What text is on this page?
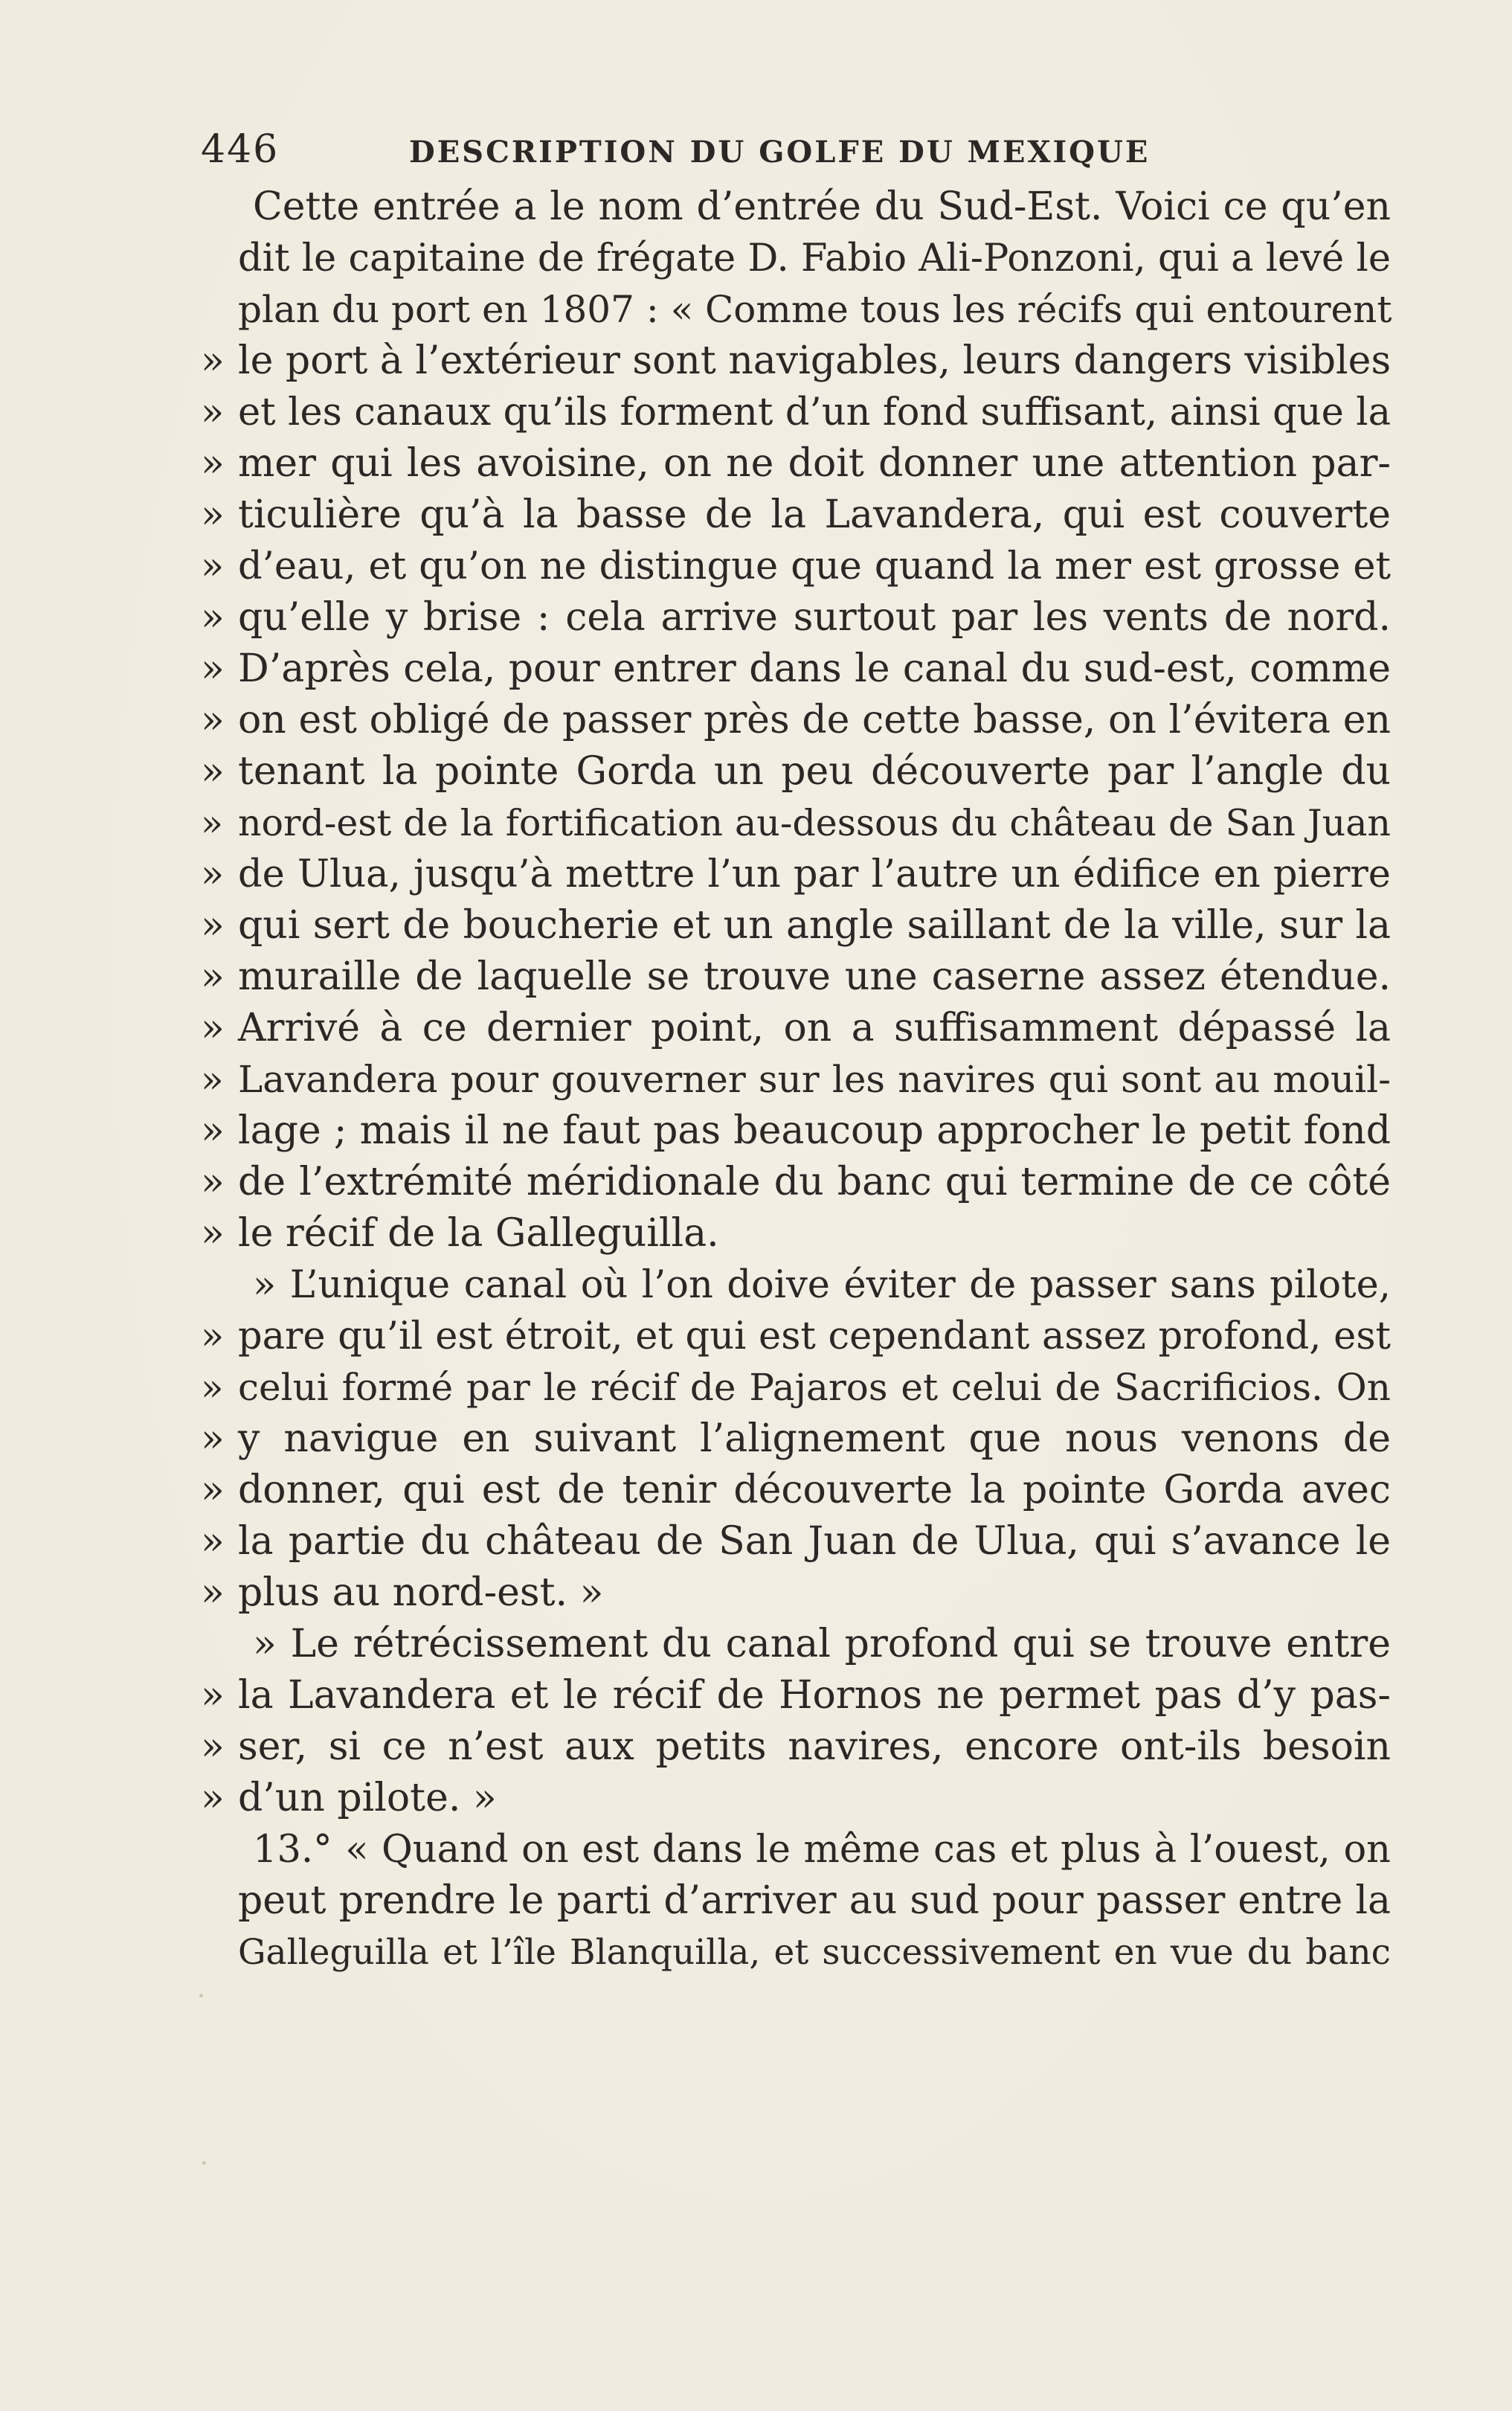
446	DESCRIPTION DU GOLFE DU MEXIQUE
Cette entrée a le nom d’entrée du Sud-Est. Voici ce qu’en
dit le capitaine de frégate D. Fabio Ali-Ponzoni, qui a levé le
plan du port en 1807 : « Comme tous les récifs qui entourent
» le port à l’extérieur sont navigables, leurs dangers visibles
» et les canaux qu’ils forment d’un fond suffisant, ainsi que la
» mer qui les avoisine, on ne doit donner une attention par-
» ticulière qu’à la basse de la Lavandera, qui est couverte
» d’eau, et qu’on ne distingue que quand la mer est grosse et
» qu’elle y brise : cela arrive surtout par les vents de nord.
» D’après cela, pour entrer dans le canal du sud-est, comme
» on est obligé de passer près de cette basse, on l’évitera en
» tenant la pointe Gorda un peu découverte par l’angle du
» nord-est de la fortification au-dessous du château de San Juan
» de Ulua, jusqu’à mettre l’un par l’autre un édifice en pierre
» qui sert de boucherie et un angle saillant de la ville, sur la
» muraille de laquelle se trouve une caserne assez étendue.
» Arrivé à ce dernier point, on a suffisamment dépassé la
» Lavandera pour gouverner sur les navires qui sont au mouil-
» lage ; mais il ne faut pas beaucoup approcher le petit fond
» de l’extrémité méridionale du banc qui termine de ce côté
» le récif de la Galleguilla.
» L’unique canal où l’on doive éviter de passer sans pilote,
» pare qu’il est étroit, et qui est cependant assez profond, est
» celui formé par le récif de Pajaros et celui de Sacrificios. On
» y navigue en suivant l’alignement que nous venons de
» donner, qui est de tenir découverte la pointe Gorda avec
» la partie du château de San Juan de Ulua, qui s’avance le
» plus au nord-est. »
» Le rétrécissement du canal profond qui se trouve entre
» la Lavandera et le récif de Hornos ne permet pas d’y pas-
» ser, si ce n’est aux petits navires, encore ont-ils besoin
» d’un pilote. »
13.° « Quand on est dans le même cas et plus à l’ouest, on
peut prendre le parti d’arriver au sud pour passer entre la
Galleguilla et l’île Blanquilla, et successivement en vue du banc
